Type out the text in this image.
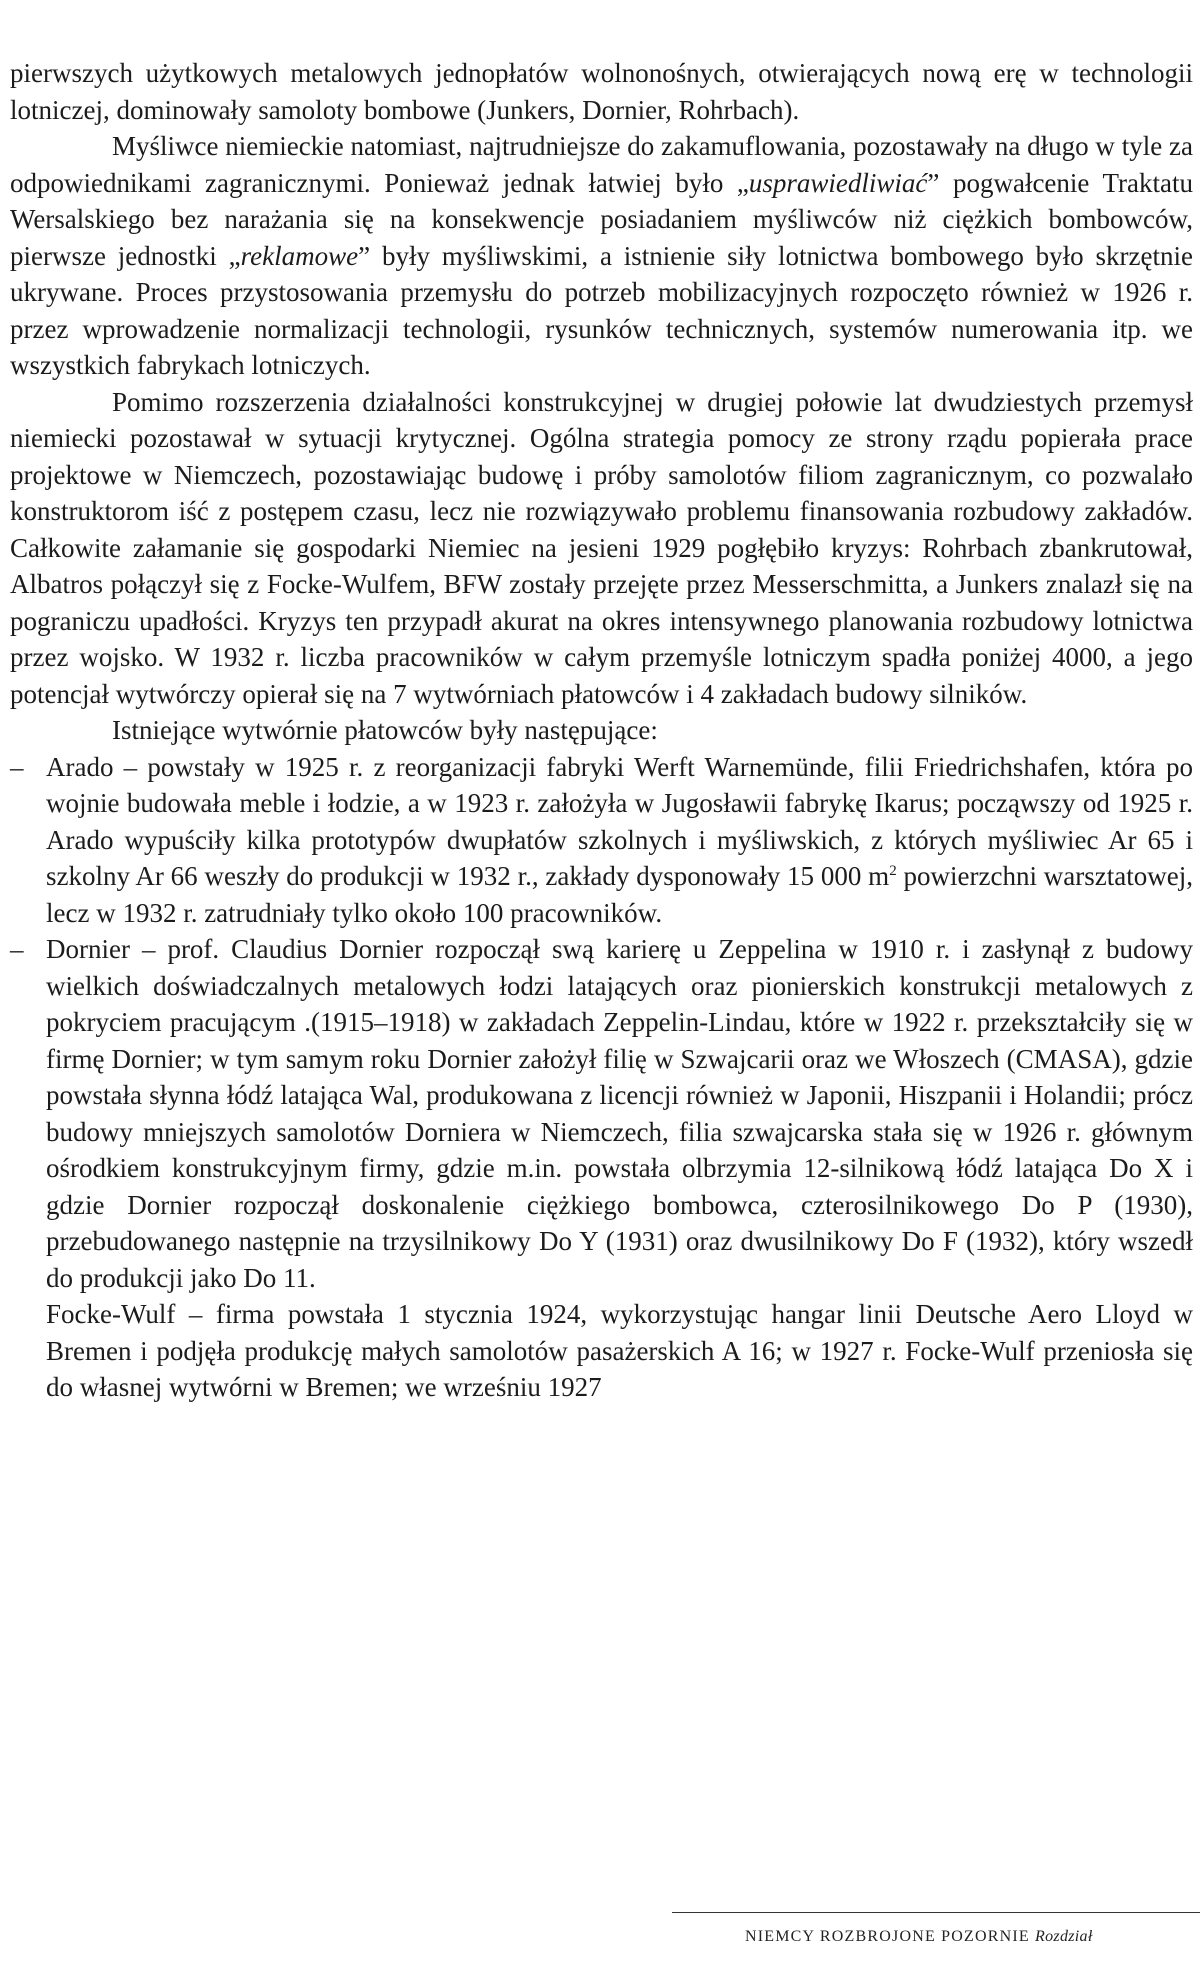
pierwszych użytkowych metalowych jednopłatów wolnonośnych, otwierających nową erę w technologii lotniczej, dominowały samoloty bombowe (Junkers, Dornier, Rohrbach).

Myśliwce niemieckie natomiast, najtrudniejsze do zakamuflowania, pozostawały na długo w tyle za odpowiednikami zagranicznymi. Ponieważ jednak łatwiej było „usprawiedliwiać” pogwałcenie Traktatu Wersalskiego bez narażania się na konsekwencje posiadaniem myśliwców niż ciężkich bombowców, pierwsze jednostki „reklamowe” były myśliwskimi, a istnienie siły lotnictwa bombowego było skrzętnie ukrywane. Proces przystosowania przemysłu do potrzeb mobilizacyjnych rozpoczęto również w 1926 r. przez wprowadzenie normalizacji technologii, rysunków technicznych, systemów numerowania itp. we wszystkich fabrykach lotniczych.

Pomimo rozszerzenia działalności konstrukcyjnej w drugiej połowie lat dwudziestych przemysł niemiecki pozostawał w sytuacji krytycznej. Ogólna strategia pomocy ze strony rządu popierała prace projektowe w Niemczech, pozostawiając budowę i próby samolotów filiom zagranicznym, co pozwalało konstruktorom iść z postępem czasu, lecz nie rozwiązywało problemu finansowania rozbudowy zakładów. Całkowite załamanie się gospodarki Niemiec na jesieni 1929 pogłębiło kryzys: Rohrbach zbankrutował, Albatros połączył się z Focke-Wulfem, BFW zostały przejęte przez Messerschmitta, a Junkers znalazł się na pograniczu upadłości. Kryzys ten przypadł akurat na okres intensywnego planowania rozbudowy lotnictwa przez wojsko. W 1932 r. liczba pracowników w całym przemyśle lotniczym spadła poniżej 4000, a jego potencjał wytwórczy opierał się na 7 wytwórniach płatowców i 4 zakładach budowy silników.

Istniejące wytwórnie płatowców były następujące:

– Arado – powstały w 1925 r. z reorganizacji fabryki Werft Warnemünde, filii Friedrichshafen, która po wojnie budowała meble i łodzie, a w 1923 r. założyła w Jugosławii fabrykę Ikarus; począwszy od 1925 r. Arado wypuściły kilka prototypów dwupłatów szkolnych i myśliwskich, z których myśliwiec Ar 65 i szkolny Ar 66 weszły do produkcji w 1932 r., zakłady dysponowały 15 000 $m^2$ powierzchni warsztatowej, lecz w 1932 r. zatrudniały tylko około 100 pracowników.

– Dornier – prof. Claudius Dornier rozpoczął swą karierę u Zeppelina w 1910 r. i zasłynął z budowy wielkich doświadczalnych metalowych łodzi latających oraz pionierskich konstrukcji metalowych z pokryciem pracującym .(1915–1918) w zakładach Zeppelin-Lindau, które w 1922 r. przekształciły się w firmę Dornier; w tym samym roku Dornier założył filię w Szwajcarii oraz we Włoszech (CMASA), gdzie powstała słynna łódź latająca Wal, produkowana z licencji również w Japonii, Hiszpanii i Holandii; prócz budowy mniejszych samolotów Dorniera w Niemczech, filia szwajcarska stała się w 1926 r. głównym ośrodkiem konstrukcyjnym firmy, gdzie m.in. powstała olbrzymia 12-silnikową łódź latająca Do X i gdzie Dornier rozpoczął doskonalenie ciężkiego bombowca, czterosilnikowego Do P (1930), przebudowanego następnie na trzysilnikowy Do Y (1931) oraz dwusilnikowy Do F (1932), który wszedł do produkcji jako Do 11.

Focke-Wulf – firma powstała 1 stycznia 1924, wykorzystując hangar linii Deutsche Aero Lloyd w Bremen i podjęła produkcję małych samolotów pasażerskich A 16; w 1927 r. Focke-Wulf przeniosła się do własnej wytwórni w Bremen; we wrześniu 1927

NIEMCY ROZBROJONE POZORNIE Rozdział
